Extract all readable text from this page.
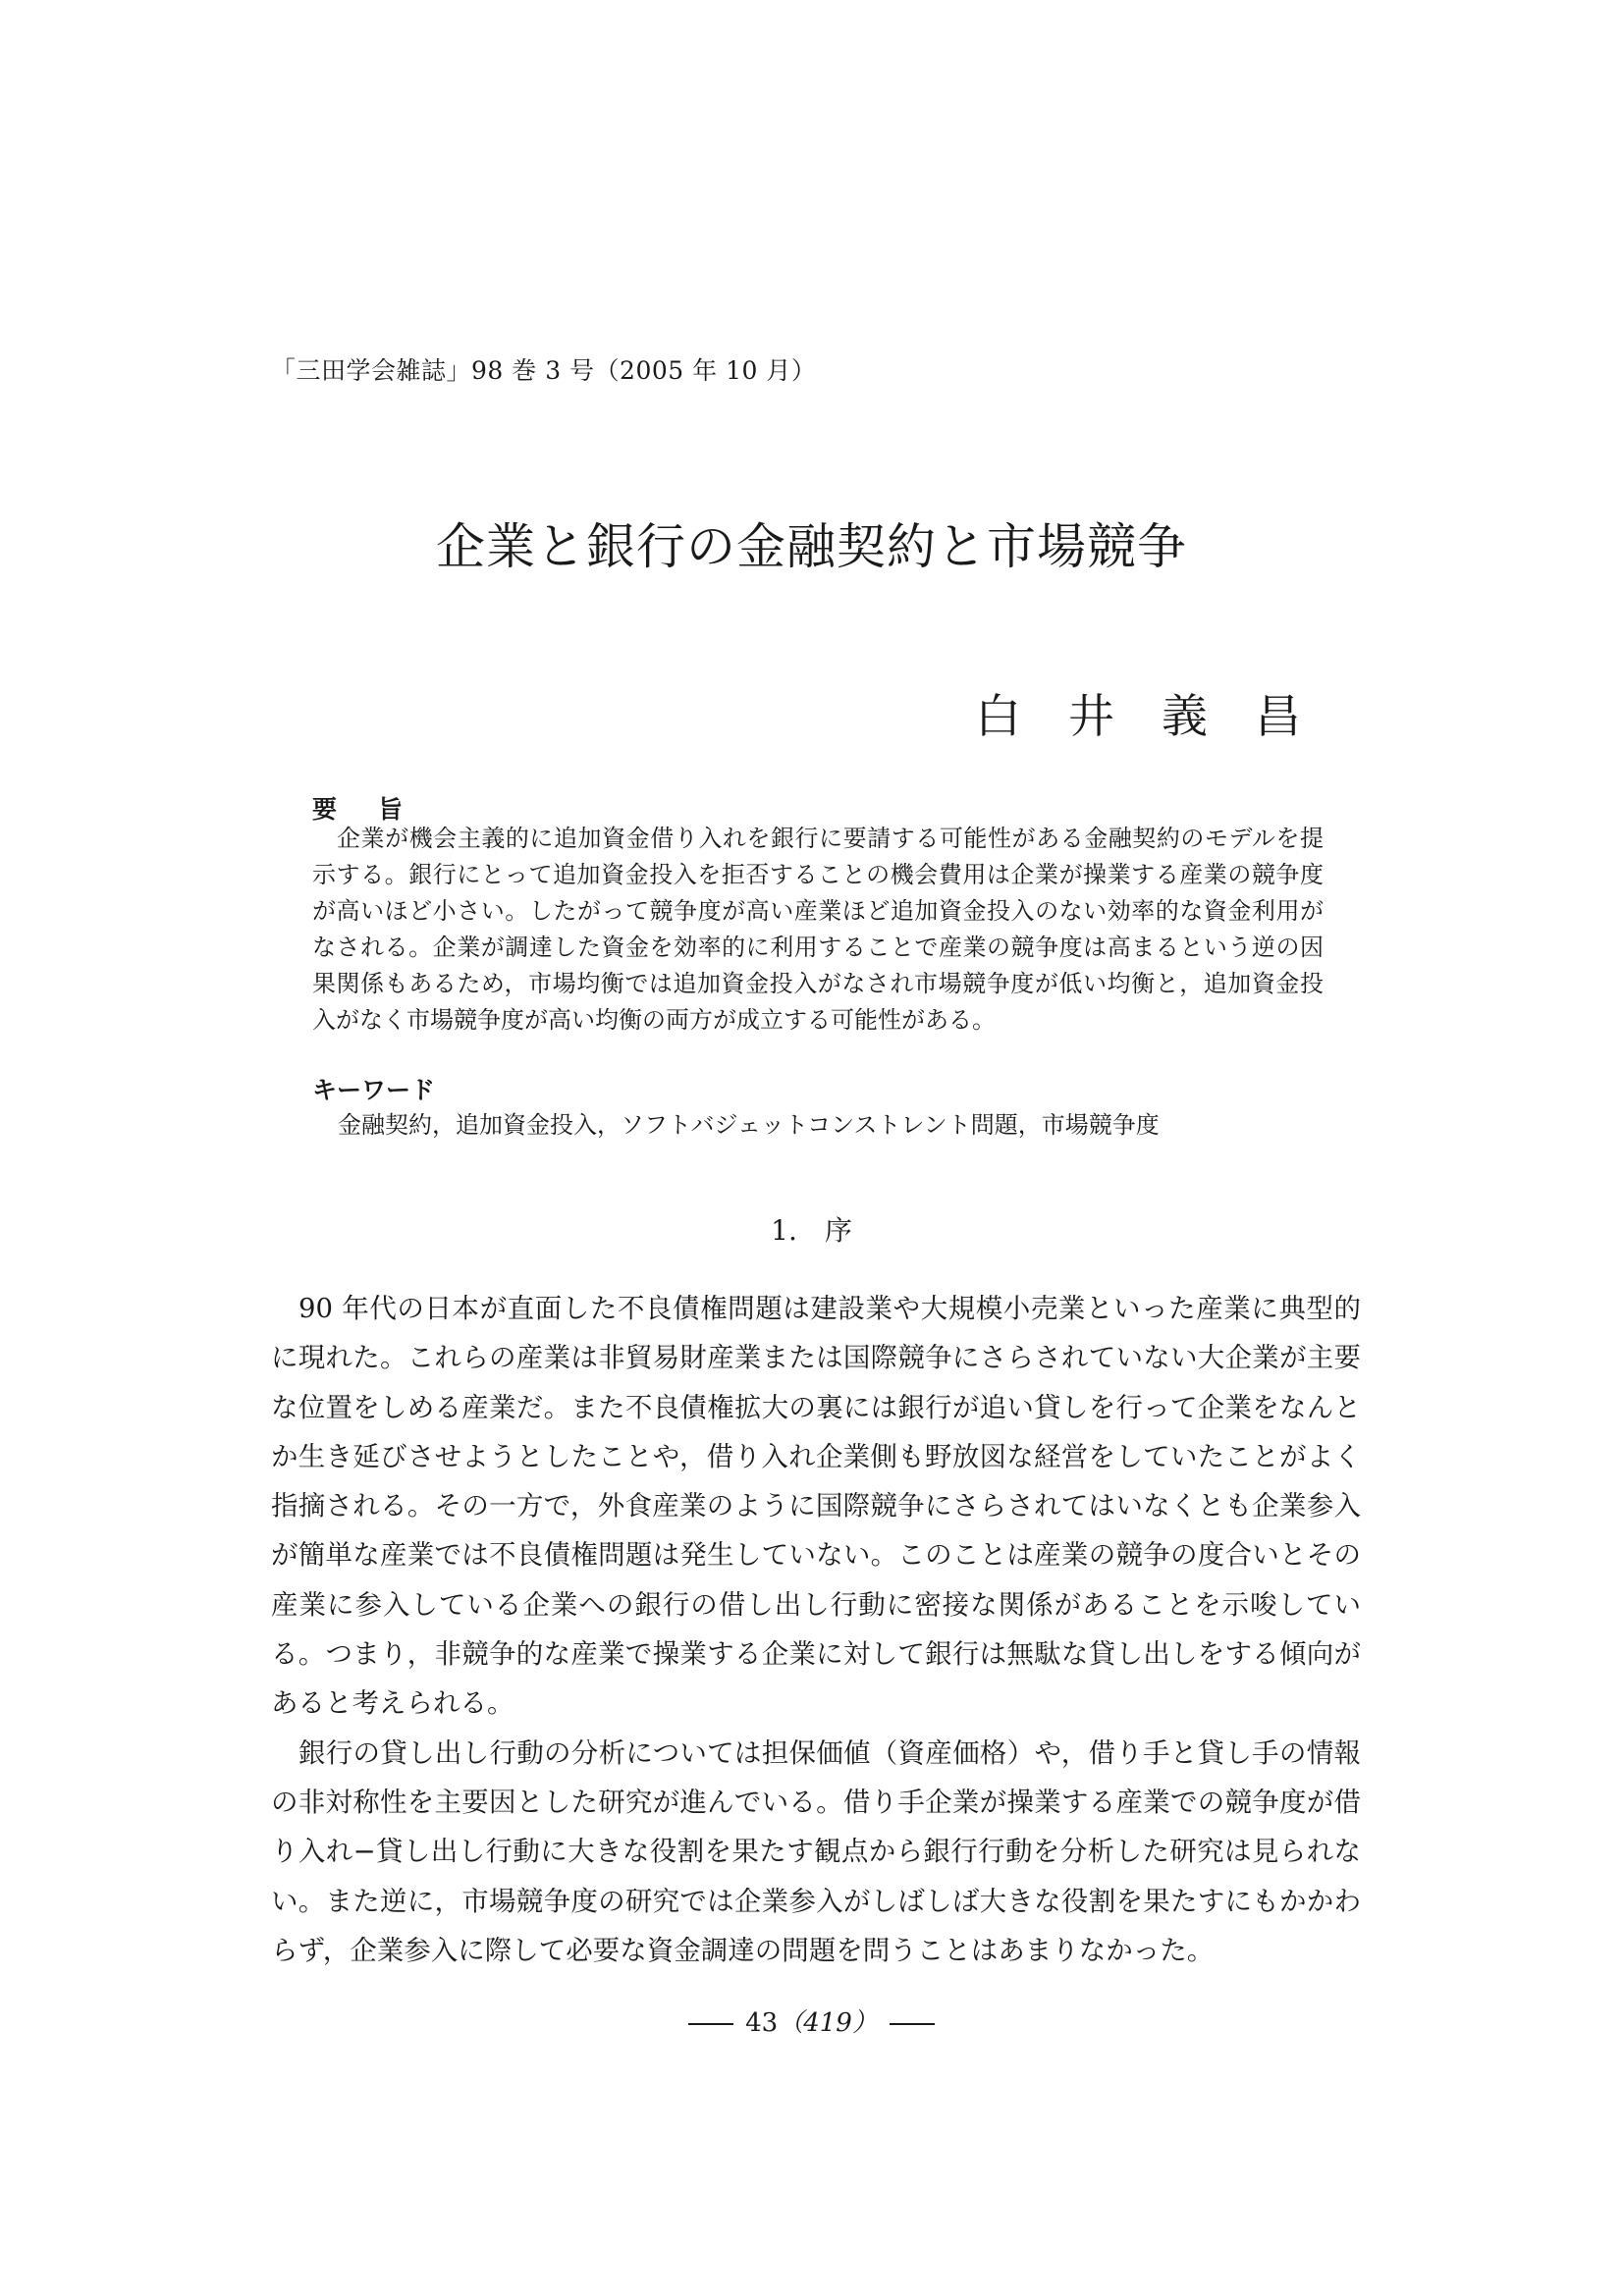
「三田学会雑誌」98 巻 3 号（2005 年 10 月）
企業と銀行の金融契約と市場競争
白井義昌
要旨
企業が機会主義的に追加資金借り入れを銀行に要請する可能性がある金融契約のモデルを提示する。銀行にとって追加資金投入を拒否することの機会費用は企業が操業する産業の競争度が高いほど小さい。したがって競争度が高い産業ほど追加資金投入のない効率的な資金利用がなされる。企業が調達した資金を効率的に利用することで産業の競争度は高まるという逆の因果関係もあるため，市場均衡では追加資金投入がなされ市場競争度が低い均衡と，追加資金投入がなく市場競争度が高い均衡の両方が成立する可能性がある。
キーワード
金融契約，追加資金投入，ソフトバジェットコンストレント問題，市場競争度
1.　序

90 年代の日本が直面した不良債権問題は建設業や大規模小売業といった産業に典型的に現れた。これらの産業は非貿易財産業または国際競争にさらされていない大企業が主要な位置をしめる産業だ。また不良債権拡大の裏には銀行が追い貸しを行って企業をなんとか生き延びさせようとしたことや，借り入れ企業側も野放図な経営をしていたことがよく指摘される。その一方で，外食産業のように国際競争にさらされてはいなくとも企業参入が簡単な産業では不良債権問題は発生していない。このことは産業の競争の度合いとその産業に参入している企業への銀行の借し出し行動に密接な関係があることを示唆している。つまり，非競争的な産業で操業する企業に対して銀行は無駄な貸し出しをする傾向があると考えられる。

銀行の貸し出し行動の分析については担保価値（資産価格）や，借り手と貸し手の情報の非対称性を主要因とした研究が進んでいる。借り手企業が操業する産業での競争度が借り入れ−貸し出し行動に大きな役割を果たす観点から銀行行動を分析した研究は見られない。また逆に，市場競争度の研究では企業参入がしばしば大きな役割を果たすにもかかわらず，企業参入に際して必要な資金調達の問題を問うことはあまりなかった。

43（419）
